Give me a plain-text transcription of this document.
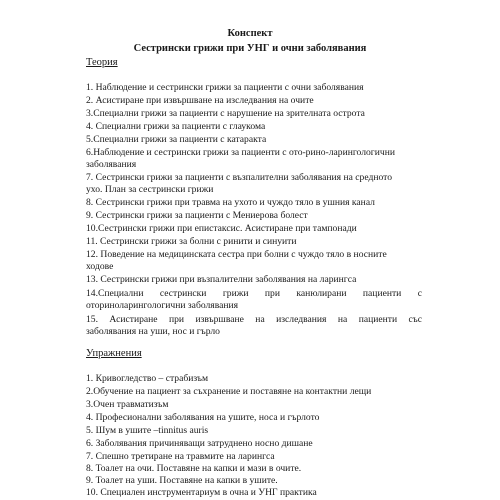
Конспект
Сестрински грижи при УНГ и очни заболявания
Теория
1. Наблюдение и сестрински грижи за пациенти с очни заболявания
2. Асистиране при извършване на изследвания на очите
3.Специални грижи за пациенти с нарушение на зрителната острота
4. Специални грижи за пациенти с глаукома
5.Специални грижи за пациенти с катаракта
6.Наблюдение и сестрински грижи за пациенти с ото-рино-ларингологични
заболявания
7. Сестрински грижи за пациенти с възпалителни заболявания на средното
ухо. План за сестрински грижи
8. Сестрински грижи при травма на ухото и чуждо тяло в ушния канал
9. Сестрински грижи за пациенти с Мениерова болест
10.Сестрински грижи при епистаксис. Асистиране при тампонади
11. Сестрински грижи за болни с ринити и синуити
12. Поведение на медицинската сестра при болни с чуждо тяло в носните
ходове
13. Сестрински грижи при възпалителни заболявания на ларингса
14.Специални сестрински грижи при канюлирани пациенти с
оториноларингологични заболявания
15. Асистиране при извършване на изследвания на пациенти със
заболявания на уши, нос и гърло
Упражнения
1. Кривогледство – страбизъм
2.Обучение на пациент за съхранение и поставяне на контактни лещи
3.Очен травматизъм
4. Професионални заболявания на ушите, носа и гърлото
5. Шум в ушите –tinnitus auris
6. Заболявания причиняващи затруднено носно дишане
7. Спешно третиране на травмите на ларингса
8. Тоалет на очи. Поставяне на капки и мази в очите.
9. Тоалет на уши. Поставяне на капки в ушите.
10. Специален инструментариум в очна и УНГ практика
